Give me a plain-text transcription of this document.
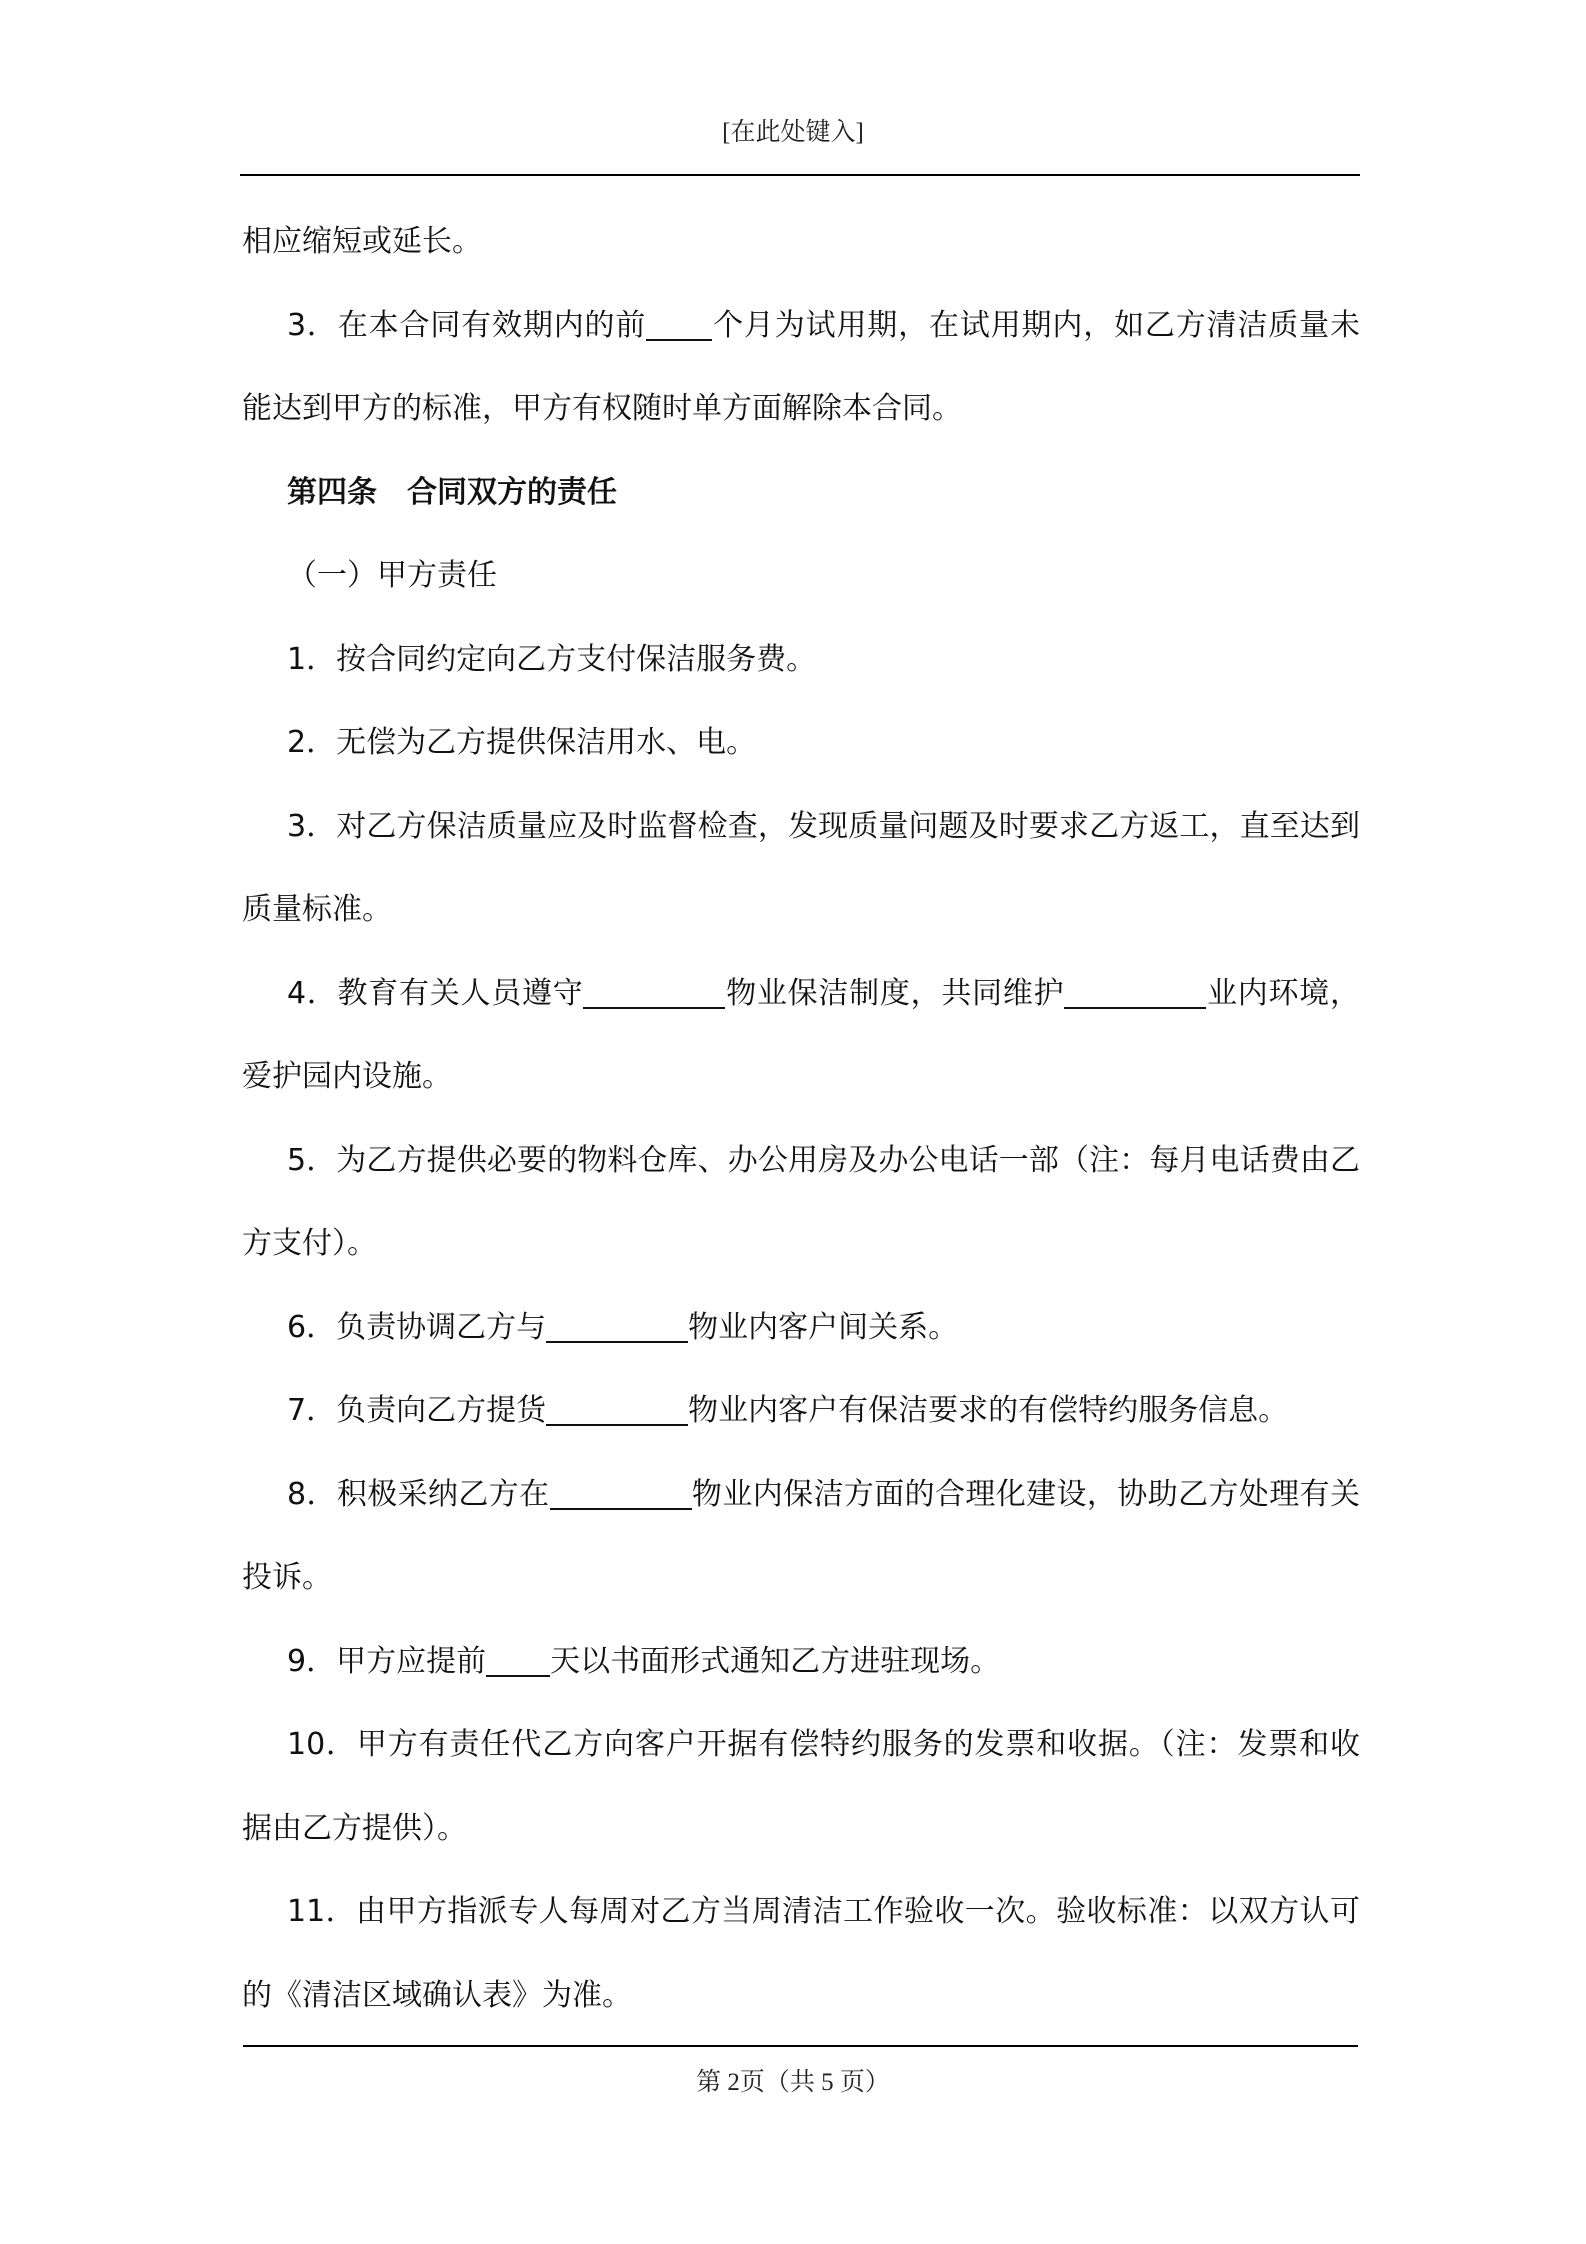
[在此处键入]

相应缩短或延长。

3．在本合同有效期内的前 个月为试用期，在试用期内，如乙方清洁质量未能达到甲方的标准，甲方有权随时单方面解除本合同。

第四条　合同双方的责任

（一）甲方责任

1．按合同约定向乙方支付保洁服务费。

2．无偿为乙方提供保洁用水、电。

3．对乙方保洁质量应及时监督检查，发现质量问题及时要求乙方返工，直至达到质量标准。

4．教育有关人员遵守	物业保洁制度，共同维护	业内环境，爱护园内设施。

5．为乙方提供必要的物料仓库、办公用房及办公电话一部（注：每月电话费由乙方支付）。

6．负责协调乙方与	物业内客户间关系。

7．负责向乙方提货	物业内客户有保洁要求的有偿特约服务信息。

8．积极采纳乙方在	物业内保洁方面的合理化建设，协助乙方处理有关投诉。

9．甲方应提前 天以书面形式通知乙方进驻现场。

10．甲方有责任代乙方向客户开据有偿特约服务的发票和收据。（注：发票和收据由乙方提供）。

11．由甲方指派专人每周对乙方当周清洁工作验收一次。验收标准：以双方认可的《清洁区域确认表》为准。

第 2页（共 5 页）
